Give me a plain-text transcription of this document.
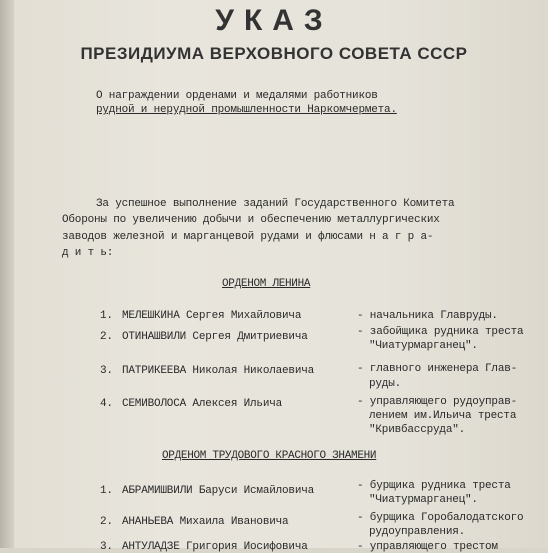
УКАЗ
ПРЕЗИДИУМА ВЕРХОВНОГО СОВЕТА СССР
О награждении орденами и медалями работников
рудной и нерудной промышленности Наркомчермета.
За успешное выполнение заданий Государственного Комитета
Обороны по увеличению добычи и обеспечению металлургических
заводов железной и марганцевой рудами и флюсами н а г р а-
д и т ь:
ОРДЕНОМ ЛЕНИНА
1. МЕЛЕШКИНА Сергея Михайловича	- начальника Главруды.
2. ОТИНАШВИЛИ Сергея Дмитриевича	- забойщика рудника треста
"Чиатурмарганец".
3. ПАТРИКЕЕВА Николая Николаевича	- главного инженера Глав-
руды.
4. СЕМИВОЛОСА Алексея Ильича	- управляющего рудоуправ-
лением им.Ильича треста
"Кривбассруда".
ОРДЕНОМ ТРУДОВОГО КРАСНОГО ЗНАМЕНИ
1. АБРАМИШВИЛИ Баруси Исмайловича	- бурщика рудника треста
"Чиатурмарганец".
2. АНАНЬЕВА Михаила Ивановича	- бурщика Горобалодатского
рудоуправления.
3. АНТУЛАДЗЕ Григория Иосифовича	- управляющего трестом
